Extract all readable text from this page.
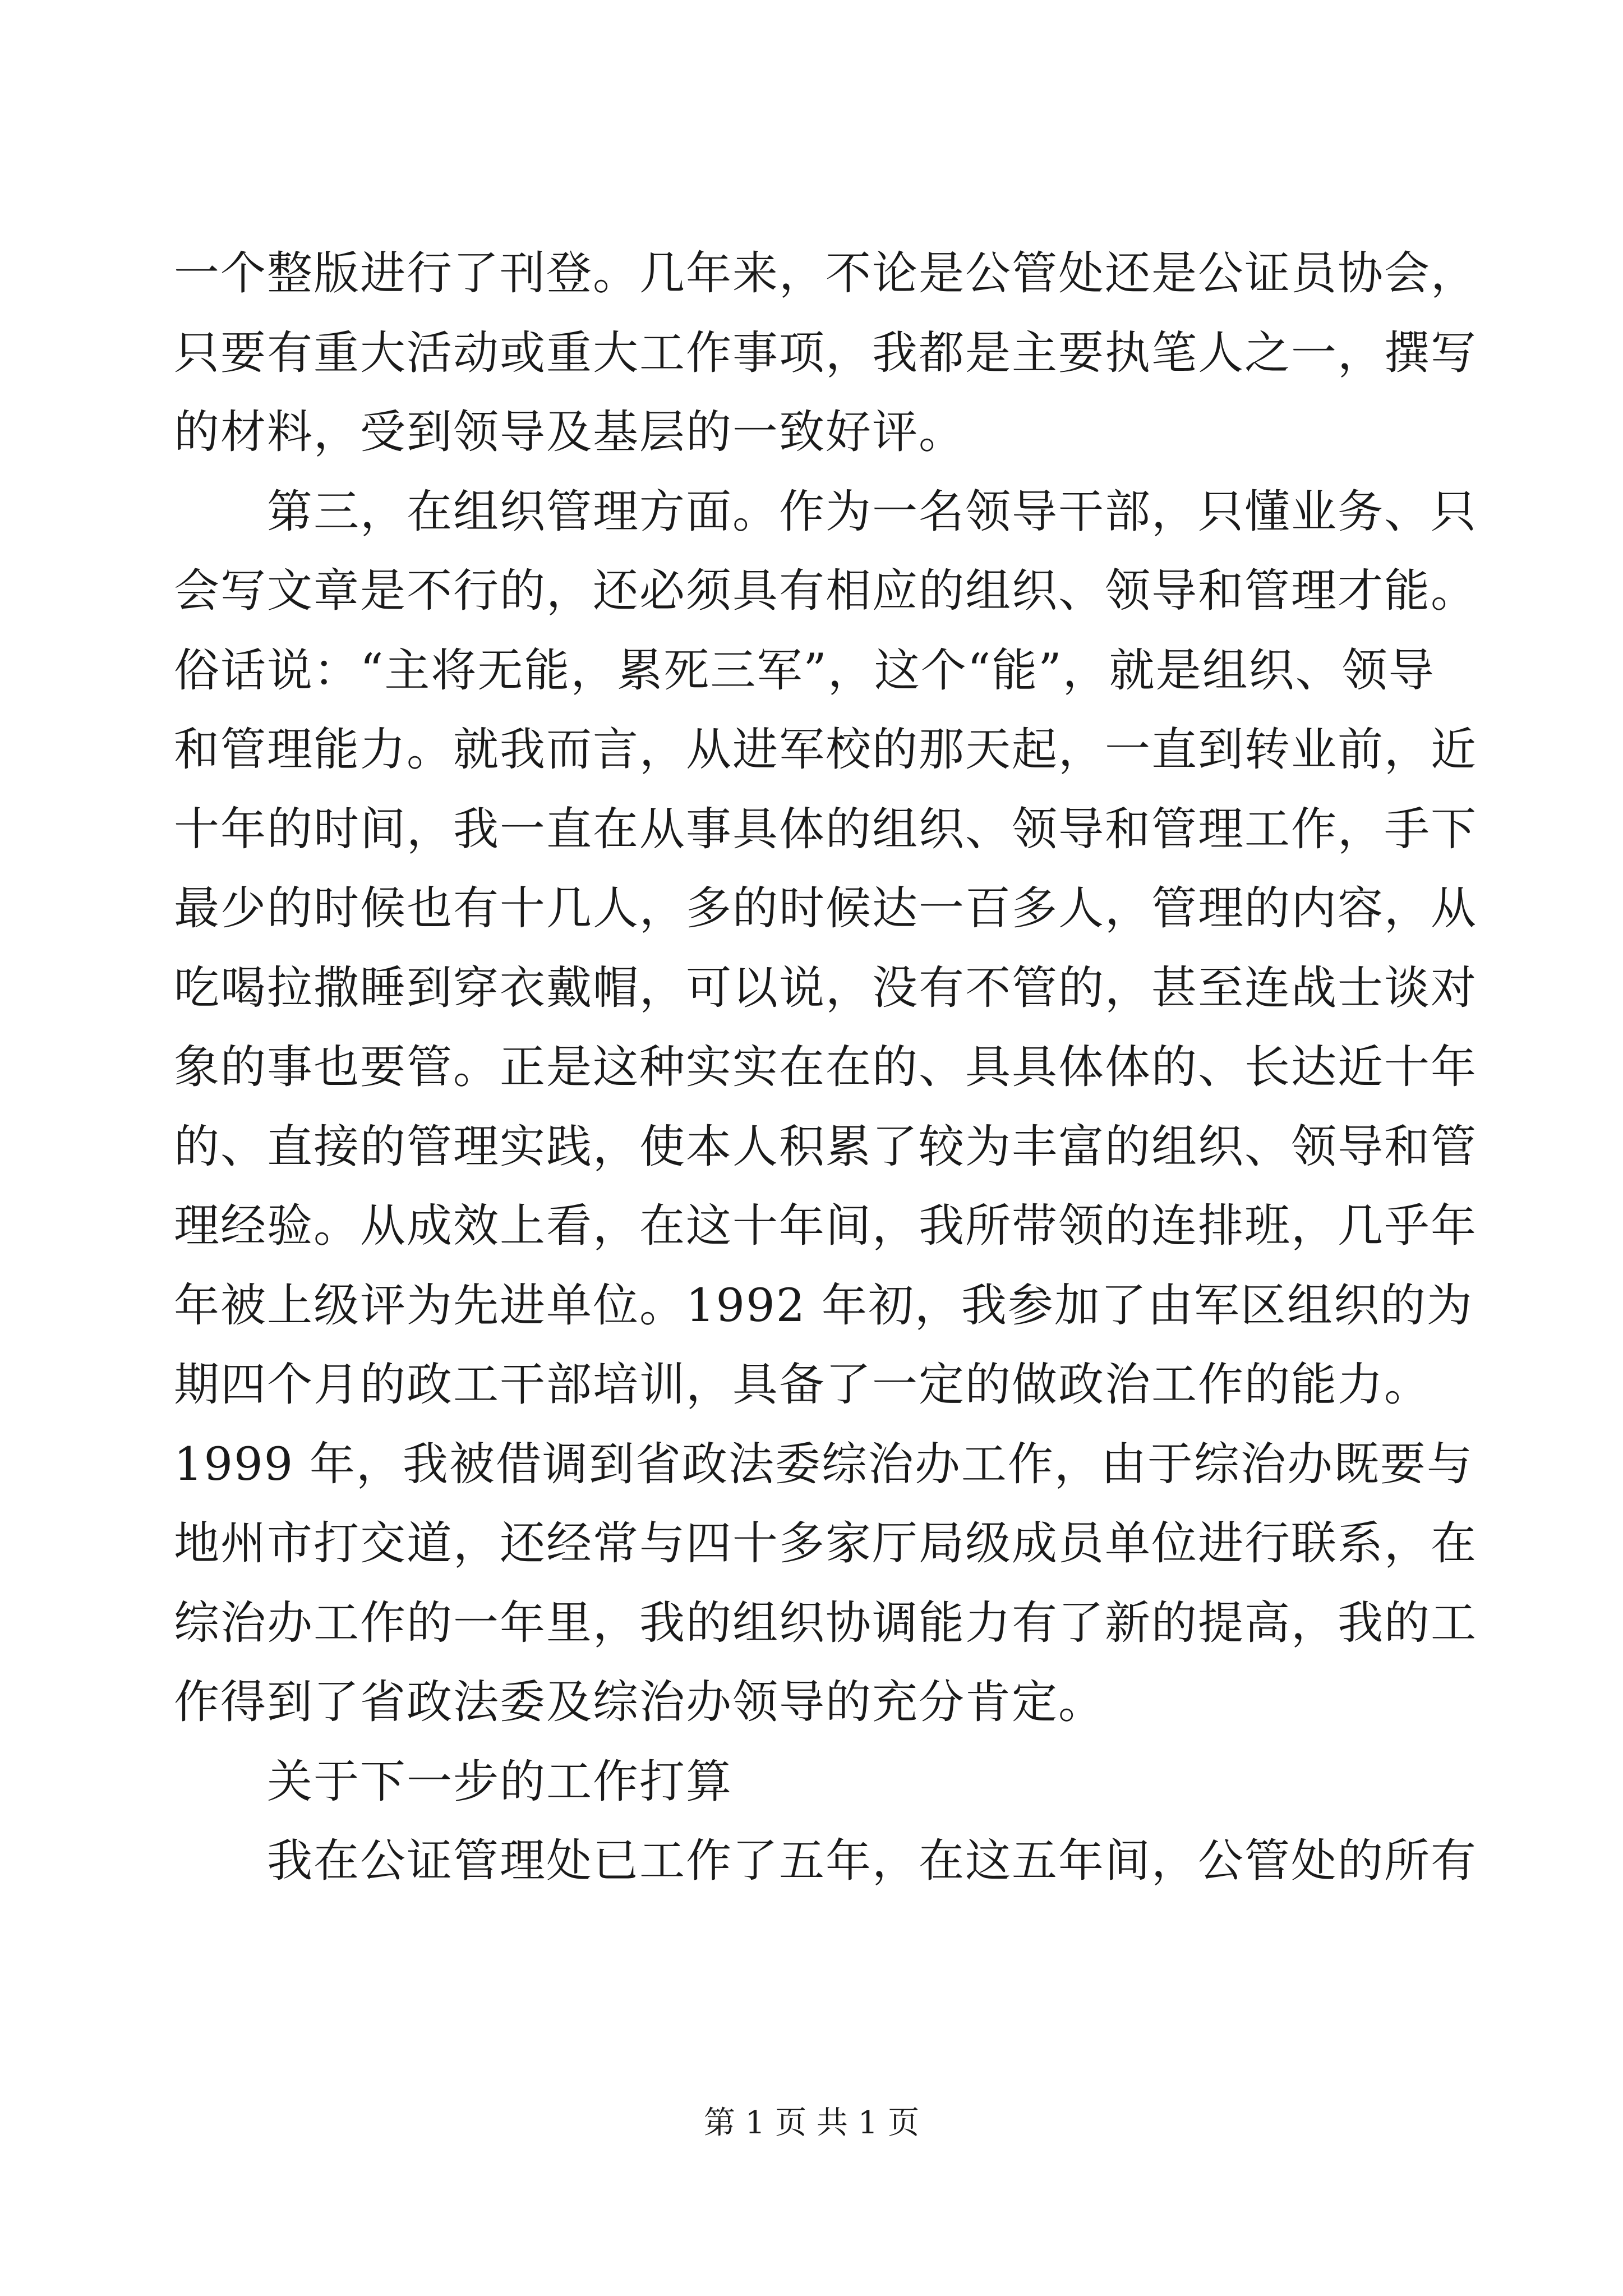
一个整版进行了刊登。几年来，不论是公管处还是公证员协会，
只要有重大活动或重大工作事项，我都是主要执笔人之一，撰写
的材料，受到领导及基层的一致好评。
　　第三，在组织管理方面。作为一名领导干部，只懂业务、只
会写文章是不行的，还必须具有相应的组织、领导和管理才能。
俗话说：“主将无能，累死三军”，这个“能”，就是组织、领导
和管理能力。就我而言，从进军校的那天起，一直到转业前，近
十年的时间，我一直在从事具体的组织、领导和管理工作，手下
最少的时候也有十几人，多的时候达一百多人，管理的内容，从
吃喝拉撒睡到穿衣戴帽，可以说，没有不管的，甚至连战士谈对
象的事也要管。正是这种实实在在的、具具体体的、长达近十年
的、直接的管理实践，使本人积累了较为丰富的组织、领导和管
理经验。从成效上看，在这十年间，我所带领的连排班，几乎年
年被上级评为先进单位。1992 年初，我参加了由军区组织的为
期四个月的政工干部培训，具备了一定的做政治工作的能力。
1999 年，我被借调到省政法委综治办工作，由于综治办既要与
地州市打交道，还经常与四十多家厅局级成员单位进行联系，在
综治办工作的一年里，我的组织协调能力有了新的提高，我的工
作得到了省政法委及综治办领导的充分肯定。
　　关于下一步的工作打算
　　我在公证管理处已工作了五年，在这五年间，公管处的所有
第 1 页 共 1 页
